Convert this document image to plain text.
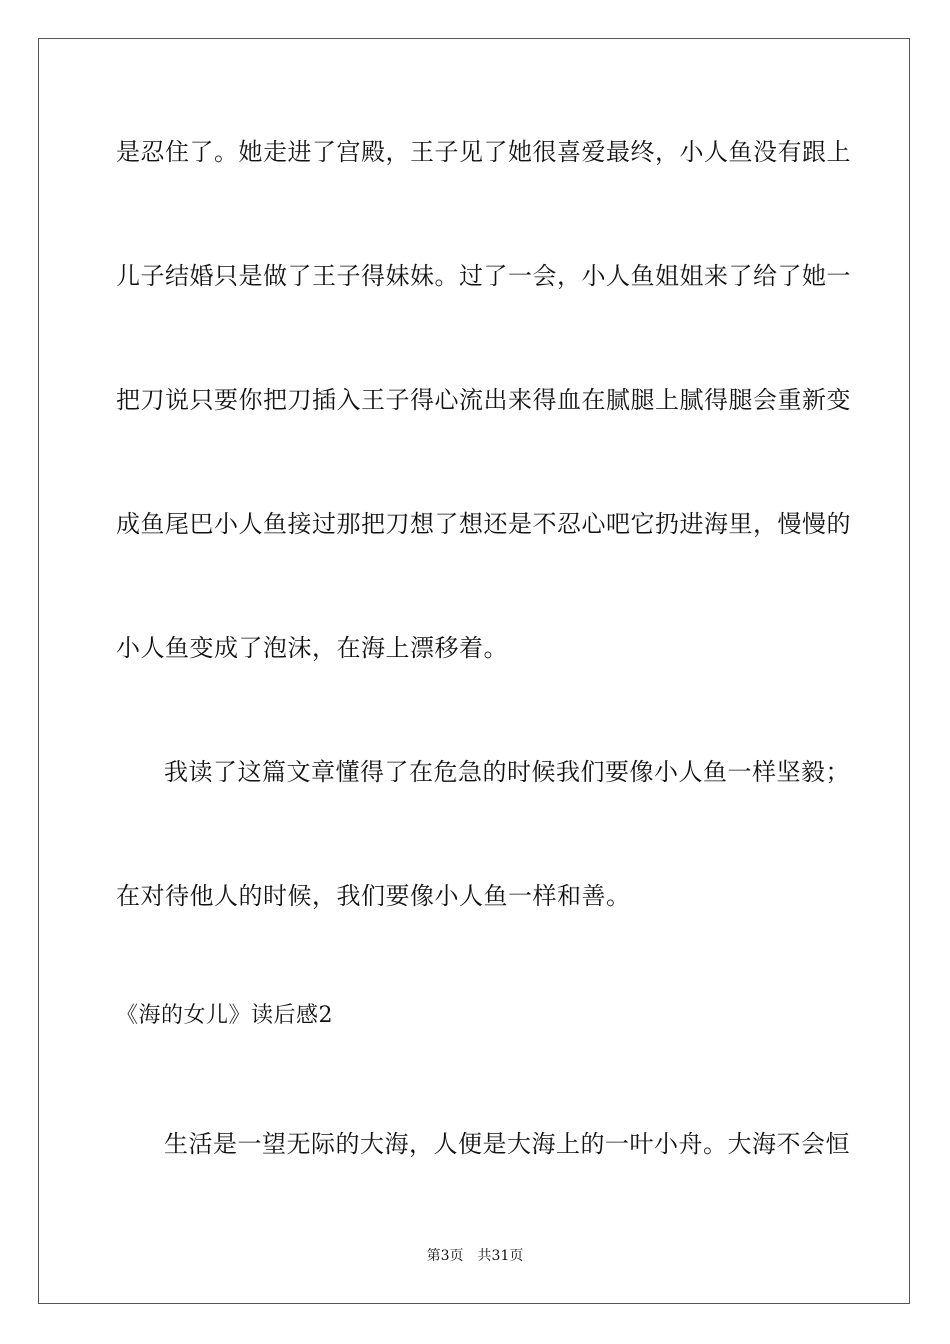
是忍住了。她走进了宫殿，王子见了她很喜爱最终，小人鱼没有跟上
儿子结婚只是做了王子得妹妹。过了一会，小人鱼姐姐来了给了她一
把刀说只要你把刀插入王子得心流出来得血在腻腿上腻得腿会重新变
成鱼尾巴小人鱼接过那把刀想了想还是不忍心吧它扔进海里，慢慢的
小人鱼变成了泡沫，在海上漂移着。
我读了这篇文章懂得了在危急的时候我们要像小人鱼一样坚毅；
在对待他人的时候，我们要像小人鱼一样和善。
《海的女儿》读后感2
生活是一望无际的大海，人便是大海上的一叶小舟。大海不会恒
第3页 共31页
